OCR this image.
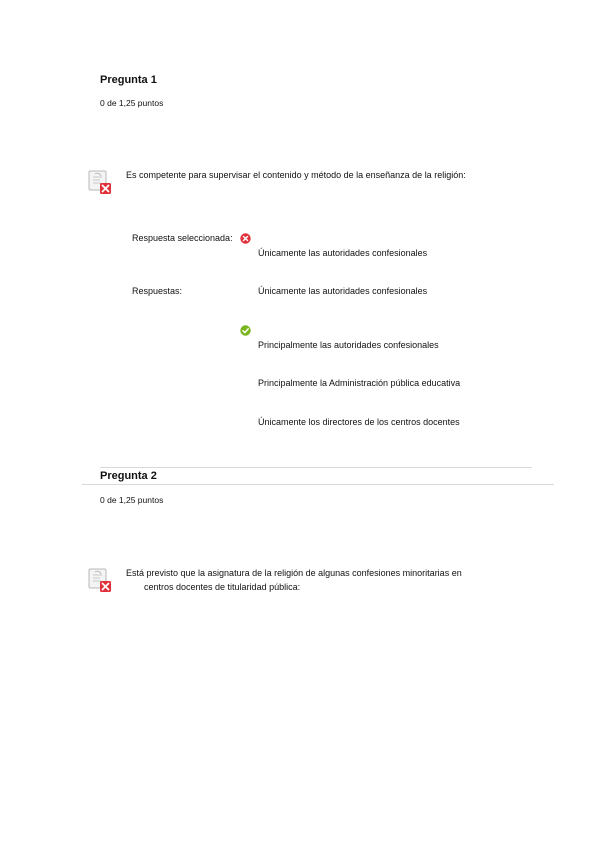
Pregunta 1
0 de 1,25 puntos
Es competente para supervisar el contenido y método de la enseñanza de la religión:
Respuesta seleccionada:
Únicamente las autoridades confesionales
Respuestas:	Únicamente las autoridades confesionales
Principalmente las autoridades confesionales
Principalmente la Administración pública educativa
Únicamente los directores de los centros docentes
Pregunta 2
0 de 1,25 puntos
Está previsto que la asignatura de la religión de algunas confesiones minoritarias en centros docentes de titularidad pública:
